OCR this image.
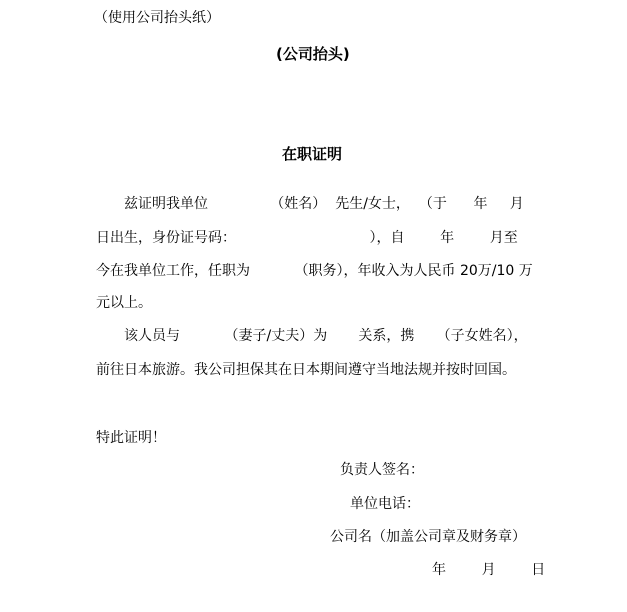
（使用公司抬头纸）
(公司抬头)
在职证明
兹证明我单位              （姓名）  先生/女士，  （于      年     月
日出生，身份证号码：                              ），自        年        月至
今在我单位工作，任职为          （职务），年收入为人民币 20万/10 万
元以上。
该人员与          （妻子/丈夫）为       关系，携     （子女姓名），
前往日本旅游。我公司担保其在日本期间遵守当地法规并按时回国。
特此证明！
负责人签名：
单位电话：
公司名（加盖公司章及财务章）
年        月        日
